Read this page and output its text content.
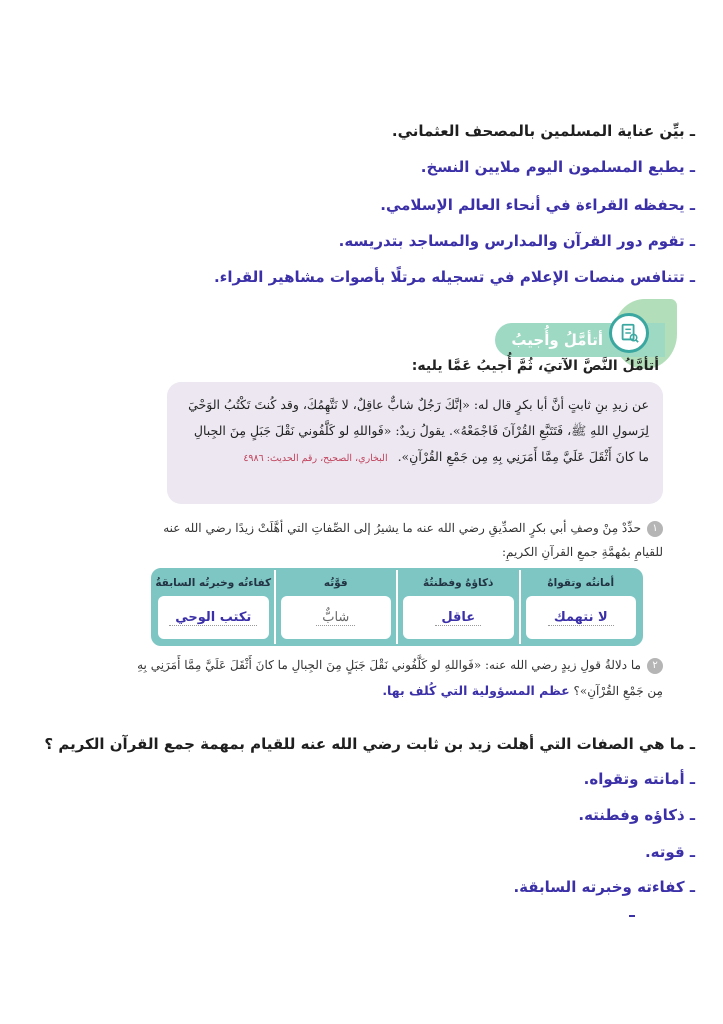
ـ بيِّن عناية المسلمين بالمصحف العثماني.
ـ يطبع المسلمون اليوم ملايين النسخ.
ـ يحفظه القراءة في أنحاء العالم الإسلامي.
ـ تقوم دور القرآن والمدارس والمساجد بتدريسه.
ـ تتنافس منصات الإعلام في تسجيله مرتلًا بأصوات مشاهير القراء.
أتأمَّلُ وأُجيبُ
أتأمَّلُ النَّصَّ الآتيَ، ثُمَّ أُجيبُ عَمَّا يليه:
عن زيدِ بنِ ثابتٍ أنَّ أبا بكرٍ قال له: «إنَّكَ رَجُلٌ شابٌّ عاقِلٌ، لا نَتَّهِمُكَ، وقد كُنتَ تَكْتُبُ الوَحْيَ لِرَسولِ اللهِ ﷺ، فَتَتَبَّعِ القُرْآنَ فَاجْمَعْهُ». يقولُ زيدٌ: «فَواللهِ لو كَلَّفُوني نَقْلَ جَبَلٍ مِنَ الجِبالِ ما كانَ أَثْقَلَ عَلَيَّ مِمَّا أَمَرَنِي بِهِ مِن جَمْعِ القُرْآنِ». البخاري، الصحيح، رقم الحديث: ٤٩٨٦
١حدِّدْ مِنْ وصفِ أبي بكرٍ الصدِّيقِ رضي الله عنه ما يشيرُ إلى الصِّفاتِ التي أهَّلَتْ زيدًا رضي الله عنه للقيامِ بمُهمَّةِ جمعِ القرآنِ الكريمِ:
أمانتُه وتقواهُ
لا نتهمك
ذكاؤهُ وفطنتُهُ
عاقل
قوَّتُه
شابٌّ
كفاءتُه وخبرتُه السابقةُ
تكتب الوحي
٢ما دلالةُ قولِ زيدٍ رضي الله عنه: «فَواللهِ لو كَلَّفُوني نَقْلَ جَبَلٍ مِنَ الجِبالِ ما كانَ أَثْقَلَ عَلَيَّ مِمَّا أَمَرَنِي بِهِ مِن جَمْعِ القُرْآنِ»؟ عظم المسؤولية التي كُلف بها.
ـ ما هي الصفات التي أهلت زيد بن ثابت رضي الله عنه للقيام بمهمة جمع القرآن الكريم ؟
ـ أمانته وتقواه.
ـ ذكاؤه وفطنته.
ـ قوته.
ـ كفاءته وخبرته السابقة.
